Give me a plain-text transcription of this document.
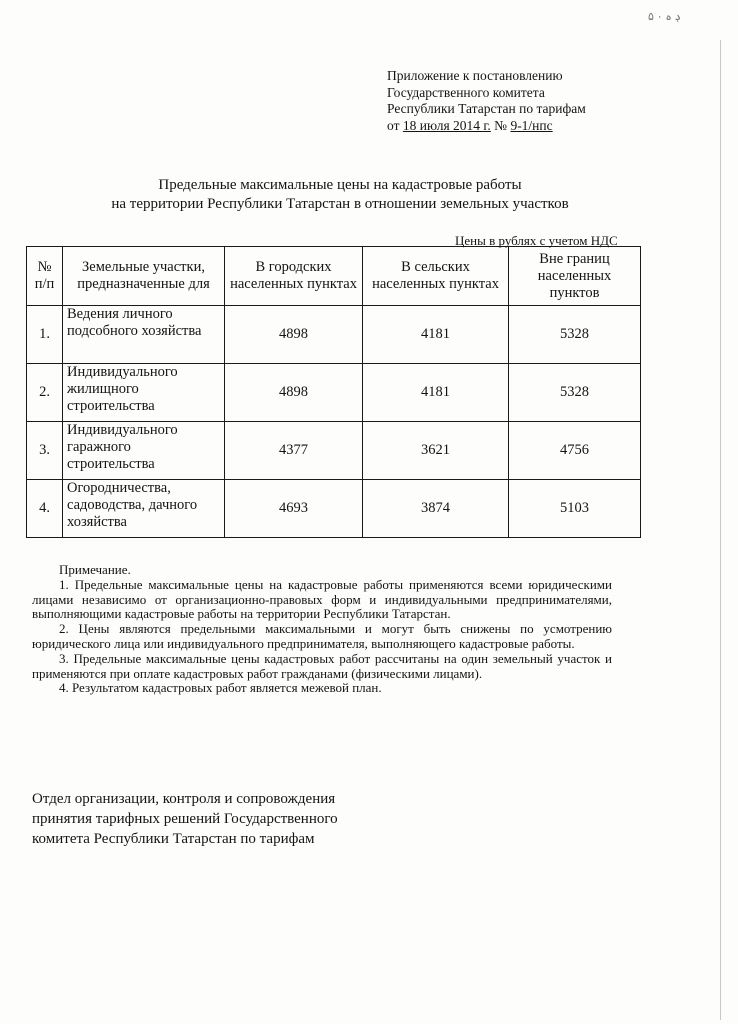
ڊ ہ ۰ ۵
Приложение к постановлению
Государственного комитета
Республики Татарстан по тарифам
от 18 июля 2014 г. № 9-1/нпс
Предельные максимальные цены на кадастровые работы
на территории Республики Татарстан в отношении земельных участков
Цены в рублях с учетом НДС
№ п/п	Земельные участки, предназначенные для	В городских населенных пунктах	В сельских населенных пунктах	Вне границ населенных пунктов
1.	Ведения личного подсобного хозяйства	4898	4181	5328
2.	Индивидуального жилищного строительства	4898	4181	5328
3.	Индивидуального гаражного строительства	4377	3621	4756
4.	Огородничества, садоводства, дачного хозяйства	4693	3874	5103
Примечание.

1. Предельные максимальные цены на кадастровые работы применяются всеми юридическими лицами независимо от организационно-правовых форм и индивидуальными предпринимателями, выполняющими кадастровые работы на территории Республики Татарстан.

2. Цены являются предельными максимальными и могут быть снижены по усмотрению юридического лица или индивидуального предпринимателя, выполняющего кадастровые работы.

3. Предельные максимальные цены кадастровых работ рассчитаны на один земельный участок и применяются при оплате кадастровых работ гражданами (физическими лицами).

4. Результатом кадастровых работ является межевой план.

Отдел организации, контроля и сопровождения
принятия тарифных решений Государственного
комитета Республики Татарстан по тарифам
